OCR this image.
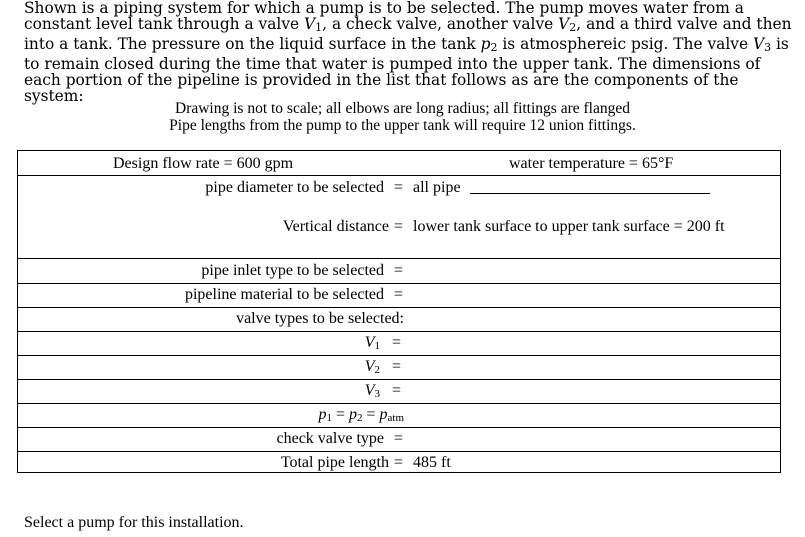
Shown is a piping system for which a pump is to be selected. The pump moves water from a constant level tank through a valve V1, a check valve, another valve V2, and a third valve and then into a tank. The pressure on the liquid surface in the tank p2 is atmosphereic psig. The valve V3 is to remain closed during the time that water is pumped into the upper tank. The dimensions of each portion of the pipeline is provided in the list that follows as are the components of the system:
Drawing is not to scale; all elbows are long radius; all fittings are flanged
Pipe lengths from the pump to the upper tank will require 12 union fittings.
Design flow rate = 600 gpm	water temperature = 65°F
pipe diameter to be selected = all pipe
Vertical distance = lower tank surface to upper tank surface = 200 ft
pipe inlet type to be selected =
pipeline material to be selected =
valve types to be selected:
V1 =
V2 =
V3 =
p1 = p2 = patm
check valve type =
Total pipe length = 485 ft
Select a pump for this installation.
